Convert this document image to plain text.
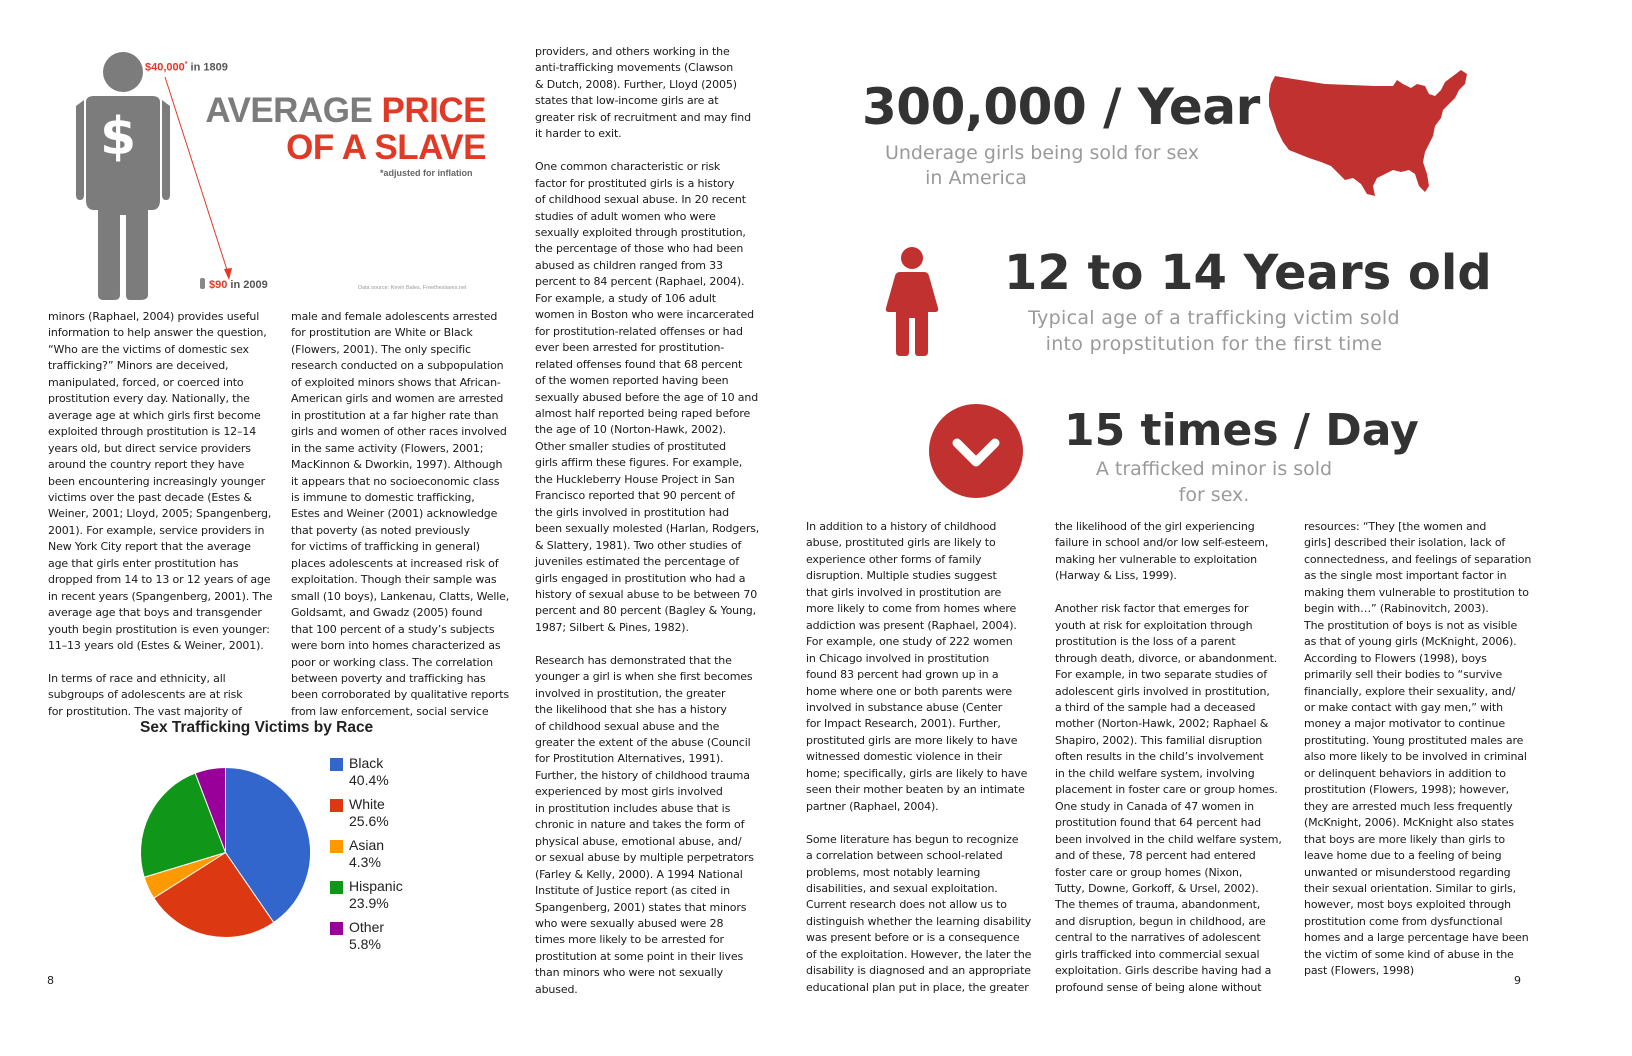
$
$40,000* in 1809
AVERAGE PRICE
OF A SLAVE
*adjusted for inflation
$90 in 2009	Data source: Kevin Bales, Freetheslaves.net
minors (Raphael, 2004) provides useful
information to help answer the question,
“Who are the victims of domestic sex
trafficking?” Minors are deceived,
manipulated, forced, or coerced into
prostitution every day. Nationally, the
average age at which girls first become
exploited through prostitution is 12–14
years old, but direct service providers
around the country report they have
been encountering increasingly younger
victims over the past decade (Estes &
Weiner, 2001; Lloyd, 2005; Spangenberg,
2001). For example, service providers in
New York City report that the average
age that girls enter prostitution has
dropped from 14 to 13 or 12 years of age
in recent years (Spangenberg, 2001). The
average age that boys and transgender
youth begin prostitution is even younger:
11–13 years old (Estes & Weiner, 2001).

In terms of race and ethnicity, all
subgroups of adolescents are at risk
for prostitution. The vast majority of
male and female adolescents arrested
for prostitution are White or Black
(Flowers, 2001). The only specific
research conducted on a subpopulation
of exploited minors shows that African-
American girls and women are arrested
in prostitution at a far higher rate than
girls and women of other races involved
in the same activity (Flowers, 2001;
MacKinnon & Dworkin, 1997). Although
it appears that no socioeconomic class
is immune to domestic trafficking,
Estes and Weiner (2001) acknowledge
that poverty (as noted previously
for victims of trafficking in general)
places adolescents at increased risk of
exploitation. Though their sample was
small (10 boys), Lankenau, Clatts, Welle,
Goldsamt, and Gwadz (2005) found
that 100 percent of a study’s subjects
were born into homes characterized as
poor or working class. The correlation
between poverty and trafficking has
been corroborated by qualitative reports
from law enforcement, social service
providers, and others working in the
anti-trafficking movements (Clawson
& Dutch, 2008). Further, Lloyd (2005)
states that low-income girls are at
greater risk of recruitment and may find
it harder to exit.

One common characteristic or risk
factor for prostituted girls is a history
of childhood sexual abuse. In 20 recent
studies of adult women who were
sexually exploited through prostitution,
the percentage of those who had been
abused as children ranged from 33
percent to 84 percent (Raphael, 2004).
For example, a study of 106 adult
women in Boston who were incarcerated
for prostitution-related offenses or had
ever been arrested for prostitution-
related offenses found that 68 percent
of the women reported having been
sexually abused before the age of 10 and
almost half reported being raped before
the age of 10 (Norton-Hawk, 2002).
Other smaller studies of prostituted
girls affirm these figures. For example,
the Huckleberry House Project in San
Francisco reported that 90 percent of
the girls involved in prostitution had
been sexually molested (Harlan, Rodgers,
& Slattery, 1981). Two other studies of
juveniles estimated the percentage of
girls engaged in prostitution who had a
history of sexual abuse to be between 70
percent and 80 percent (Bagley & Young,
1987; Silbert & Pines, 1982).

Research has demonstrated that the
younger a girl is when she first becomes
involved in prostitution, the greater
the likelihood that she has a history
of childhood sexual abuse and the
greater the extent of the abuse (Council
for Prostitution Alternatives, 1991).
Further, the history of childhood trauma
experienced by most girls involved
in prostitution includes abuse that is
chronic in nature and takes the form of
physical abuse, emotional abuse, and/
or sexual abuse by multiple perpetrators
(Farley & Kelly, 2000). A 1994 National
Institute of Justice report (as cited in
Spangenberg, 2001) states that minors
who were sexually abused were 28
times more likely to be arrested for
prostitution at some point in their lives
than minors who were not sexually
abused.
Sex Trafficking Victims by Race
Black
40.4%
White
25.6%
Asian
4.3%
Hispanic
23.9%
Other
5.8%
8	9
300,000 / Year
Underage girls being sold for sex
in America
12 to 14 Years old
Typical age of a trafficking victim sold
into propstitution for the first time
15 times / Day
A trafficked minor is sold
for sex.
In addition to a history of childhood
abuse, prostituted girls are likely to
experience other forms of family
disruption. Multiple studies suggest
that girls involved in prostitution are
more likely to come from homes where
addiction was present (Raphael, 2004).
For example, one study of 222 women
in Chicago involved in prostitution
found 83 percent had grown up in a
home where one or both parents were
involved in substance abuse (Center
for Impact Research, 2001). Further,
prostituted girls are more likely to have
witnessed domestic violence in their
home; specifically, girls are likely to have
seen their mother beaten by an intimate
partner (Raphael, 2004).

Some literature has begun to recognize
a correlation between school-related
problems, most notably learning
disabilities, and sexual exploitation.
Current research does not allow us to
distinguish whether the learning disability
was present before or is a consequence
of the exploitation. However, the later the
disability is diagnosed and an appropriate
educational plan put in place, the greater
the likelihood of the girl experiencing
failure in school and/or low self-esteem,
making her vulnerable to exploitation
(Harway & Liss, 1999).

Another risk factor that emerges for
youth at risk for exploitation through
prostitution is the loss of a parent
through death, divorce, or abandonment.
For example, in two separate studies of
adolescent girls involved in prostitution,
a third of the sample had a deceased
mother (Norton-Hawk, 2002; Raphael &
Shapiro, 2002). This familial disruption
often results in the child’s involvement
in the child welfare system, involving
placement in foster care or group homes.
One study in Canada of 47 women in
prostitution found that 64 percent had
been involved in the child welfare system,
and of these, 78 percent had entered
foster care or group homes (Nixon,
Tutty, Downe, Gorkoff, & Ursel, 2002).
The themes of trauma, abandonment,
and disruption, begun in childhood, are
central to the narratives of adolescent
girls trafficked into commercial sexual
exploitation. Girls describe having had a
profound sense of being alone without
resources: “They [the women and
girls] described their isolation, lack of
connectedness, and feelings of separation
as the single most important factor in
making them vulnerable to prostitution to
begin with…” (Rabinovitch, 2003).
The prostitution of boys is not as visible
as that of young girls (McKnight, 2006).
According to Flowers (1998), boys
primarily sell their bodies to “survive
financially, explore their sexuality, and/
or make contact with gay men,” with
money a major motivator to continue
prostituting. Young prostituted males are
also more likely to be involved in criminal
or delinquent behaviors in addition to
prostitution (Flowers, 1998); however,
they are arrested much less frequently
(McKnight, 2006). McKnight also states
that boys are more likely than girls to
leave home due to a feeling of being
unwanted or misunderstood regarding
their sexual orientation. Similar to girls,
however, most boys exploited through
prostitution come from dysfunctional
homes and a large percentage have been
the victim of some kind of abuse in the
past (Flowers, 1998)
